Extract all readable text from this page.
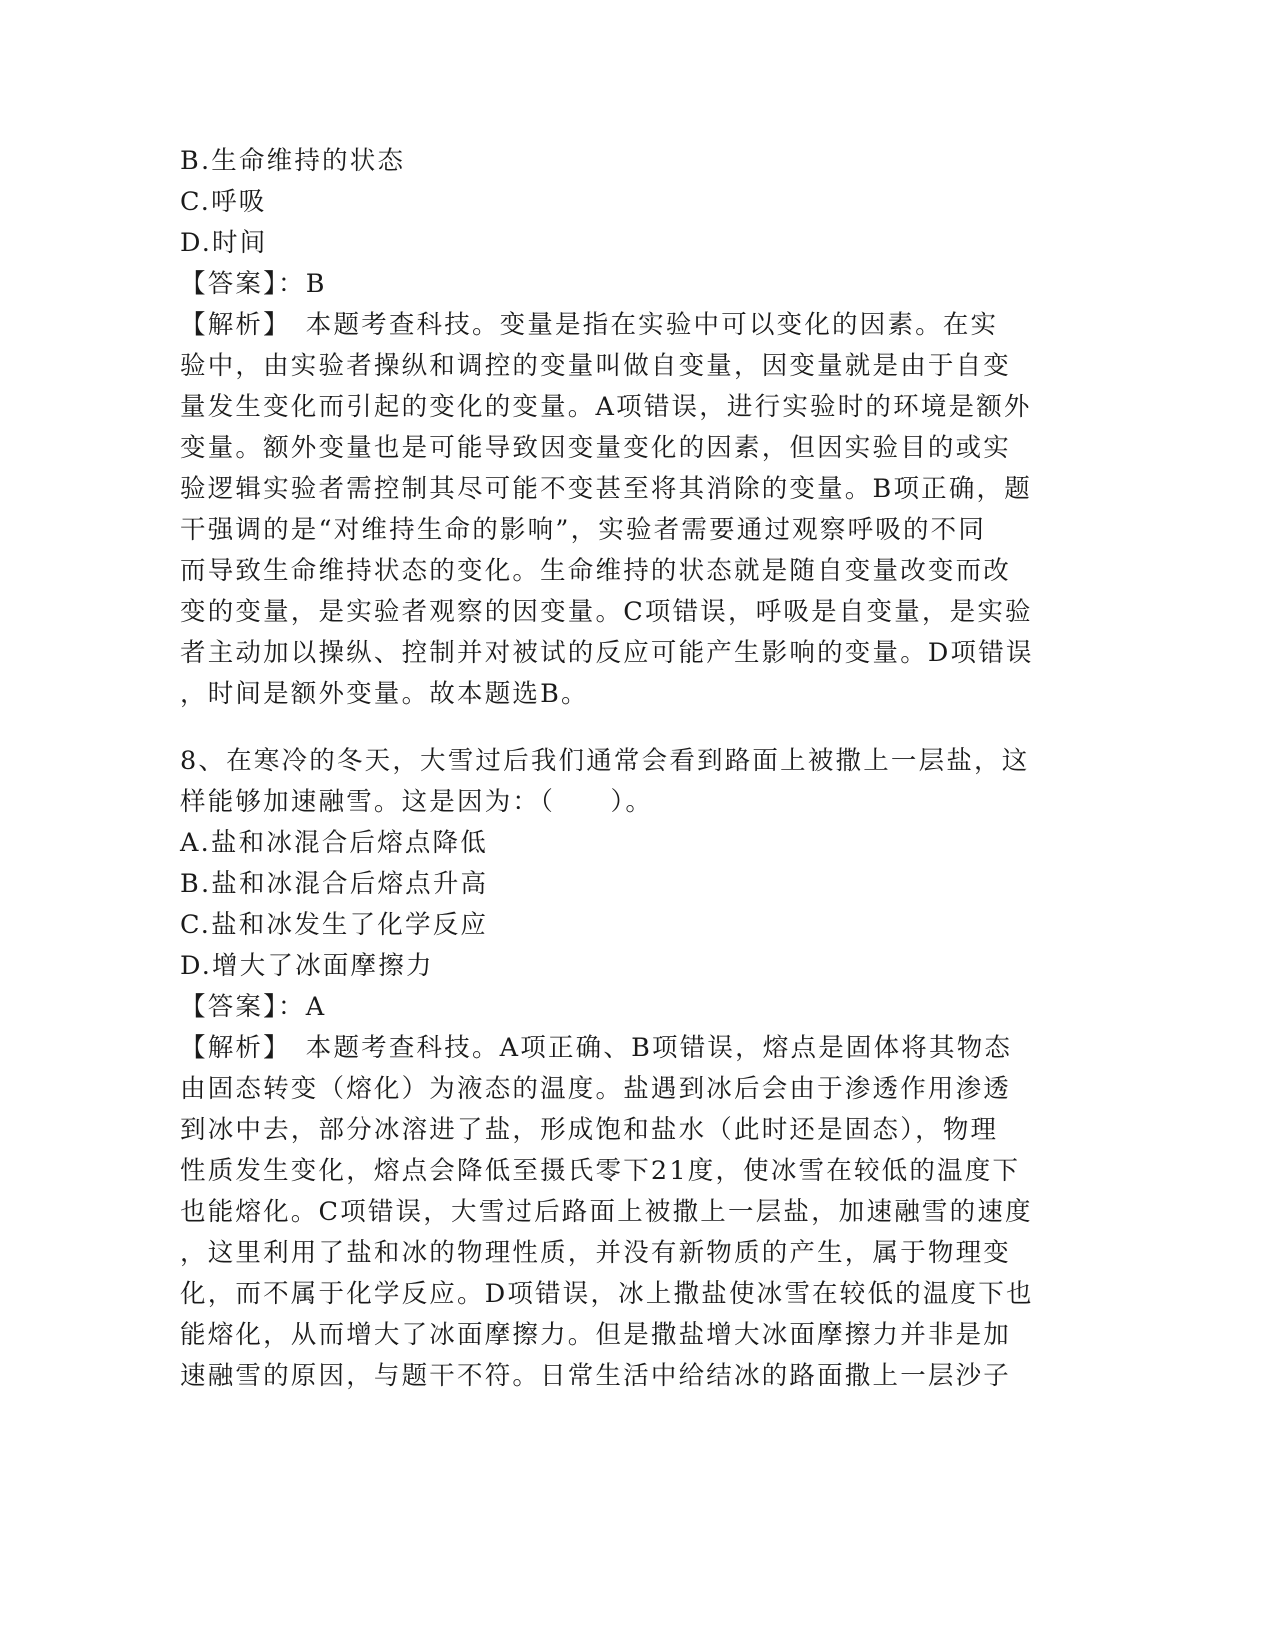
B.生命维持的状态
C.呼吸
D.时间
【答案】：B
【解析】　本题考查科技。变量是指在实验中可以变化的因素。在实
验中，由实验者操纵和调控的变量叫做自变量，因变量就是由于自变
量发生变化而引起的变化的变量。A项错误，进行实验时的环境是额外
变量。额外变量也是可能导致因变量变化的因素，但因实验目的或实
验逻辑实验者需控制其尽可能不变甚至将其消除的变量。B项正确，题
干强调的是“对维持生命的影响”，实验者需要通过观察呼吸的不同
而导致生命维持状态的变化。生命维持的状态就是随自变量改变而改
变的变量，是实验者观察的因变量。C项错误，呼吸是自变量，是实验
者主动加以操纵、控制并对被试的反应可能产生影响的变量。D项错误
，时间是额外变量。故本题选B。
8、在寒冷的冬天，大雪过后我们通常会看到路面上被撒上一层盐，这
样能够加速融雪。这是因为：（　　）。
A.盐和冰混合后熔点降低
B.盐和冰混合后熔点升高
C.盐和冰发生了化学反应
D.增大了冰面摩擦力
【答案】：A
【解析】　本题考查科技。A项正确、B项错误，熔点是固体将其物态
由固态转变（熔化）为液态的温度。盐遇到冰后会由于渗透作用渗透
到冰中去，部分冰溶进了盐，形成饱和盐水（此时还是固态），物理
性质发生变化，熔点会降低至摄氏零下21度，使冰雪在较低的温度下
也能熔化。C项错误，大雪过后路面上被撒上一层盐，加速融雪的速度
，这里利用了盐和冰的物理性质，并没有新物质的产生，属于物理变
化，而不属于化学反应。D项错误，冰上撒盐使冰雪在较低的温度下也
能熔化，从而增大了冰面摩擦力。但是撒盐增大冰面摩擦力并非是加
速融雪的原因，与题干不符。日常生活中给结冰的路面撒上一层沙子
